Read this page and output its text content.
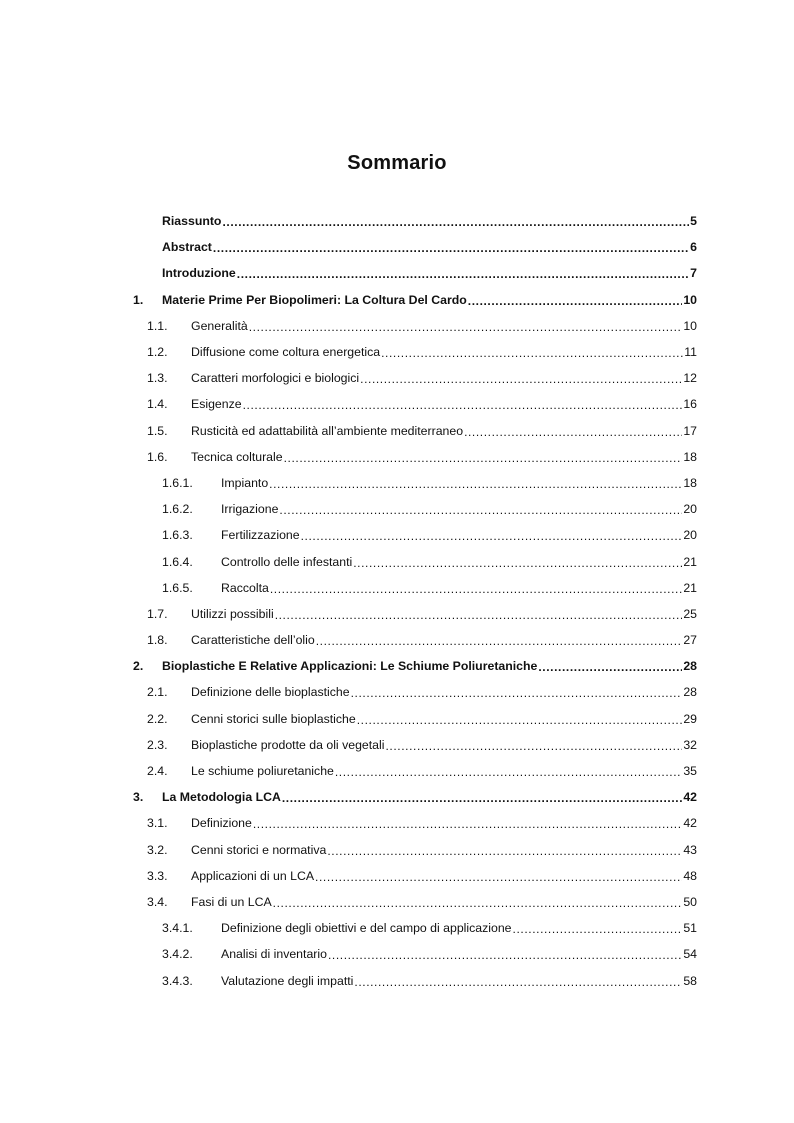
Sommario
Riassunto .....	5
Abstract .....	6
Introduzione .....	7
1.	Materie Prime Per Biopolimeri: La Coltura Del Cardo .....	10
1.1.	Generalità .....	10
1.2.	Diffusione come coltura energetica .....	11
1.3.	Caratteri morfologici e biologici .....	12
1.4.	Esigenze .....	16
1.5.	Rusticità ed adattabilità all’ambiente mediterraneo .....	17
1.6.	Tecnica colturale .....	18
1.6.1.	Impianto .....	18
1.6.2.	Irrigazione .....	20
1.6.3.	Fertilizzazione .....	20
1.6.4.	Controllo delle infestanti .....	21
1.6.5.	Raccolta .....	21
1.7.	Utilizzi possibili .....	25
1.8.	Caratteristiche dell’olio .....	27
2.	Bioplastiche E Relative Applicazioni: Le Schiume Poliuretaniche .....	28
2.1.	Definizione delle bioplastiche .....	28
2.2.	Cenni storici sulle bioplastiche .....	29
2.3.	Bioplastiche prodotte da oli vegetali .....	32
2.4.	Le schiume poliuretaniche .....	35
3.	La Metodologia LCA .....	42
3.1.	Definizione .....	42
3.2.	Cenni storici e normativa .....	43
3.3.	Applicazioni di un LCA .....	48
3.4.	Fasi di un LCA .....	50
3.4.1.	Definizione degli obiettivi e del campo di applicazione .....	51
3.4.2.	Analisi di inventario .....	54
3.4.3.	Valutazione degli impatti .....	58
